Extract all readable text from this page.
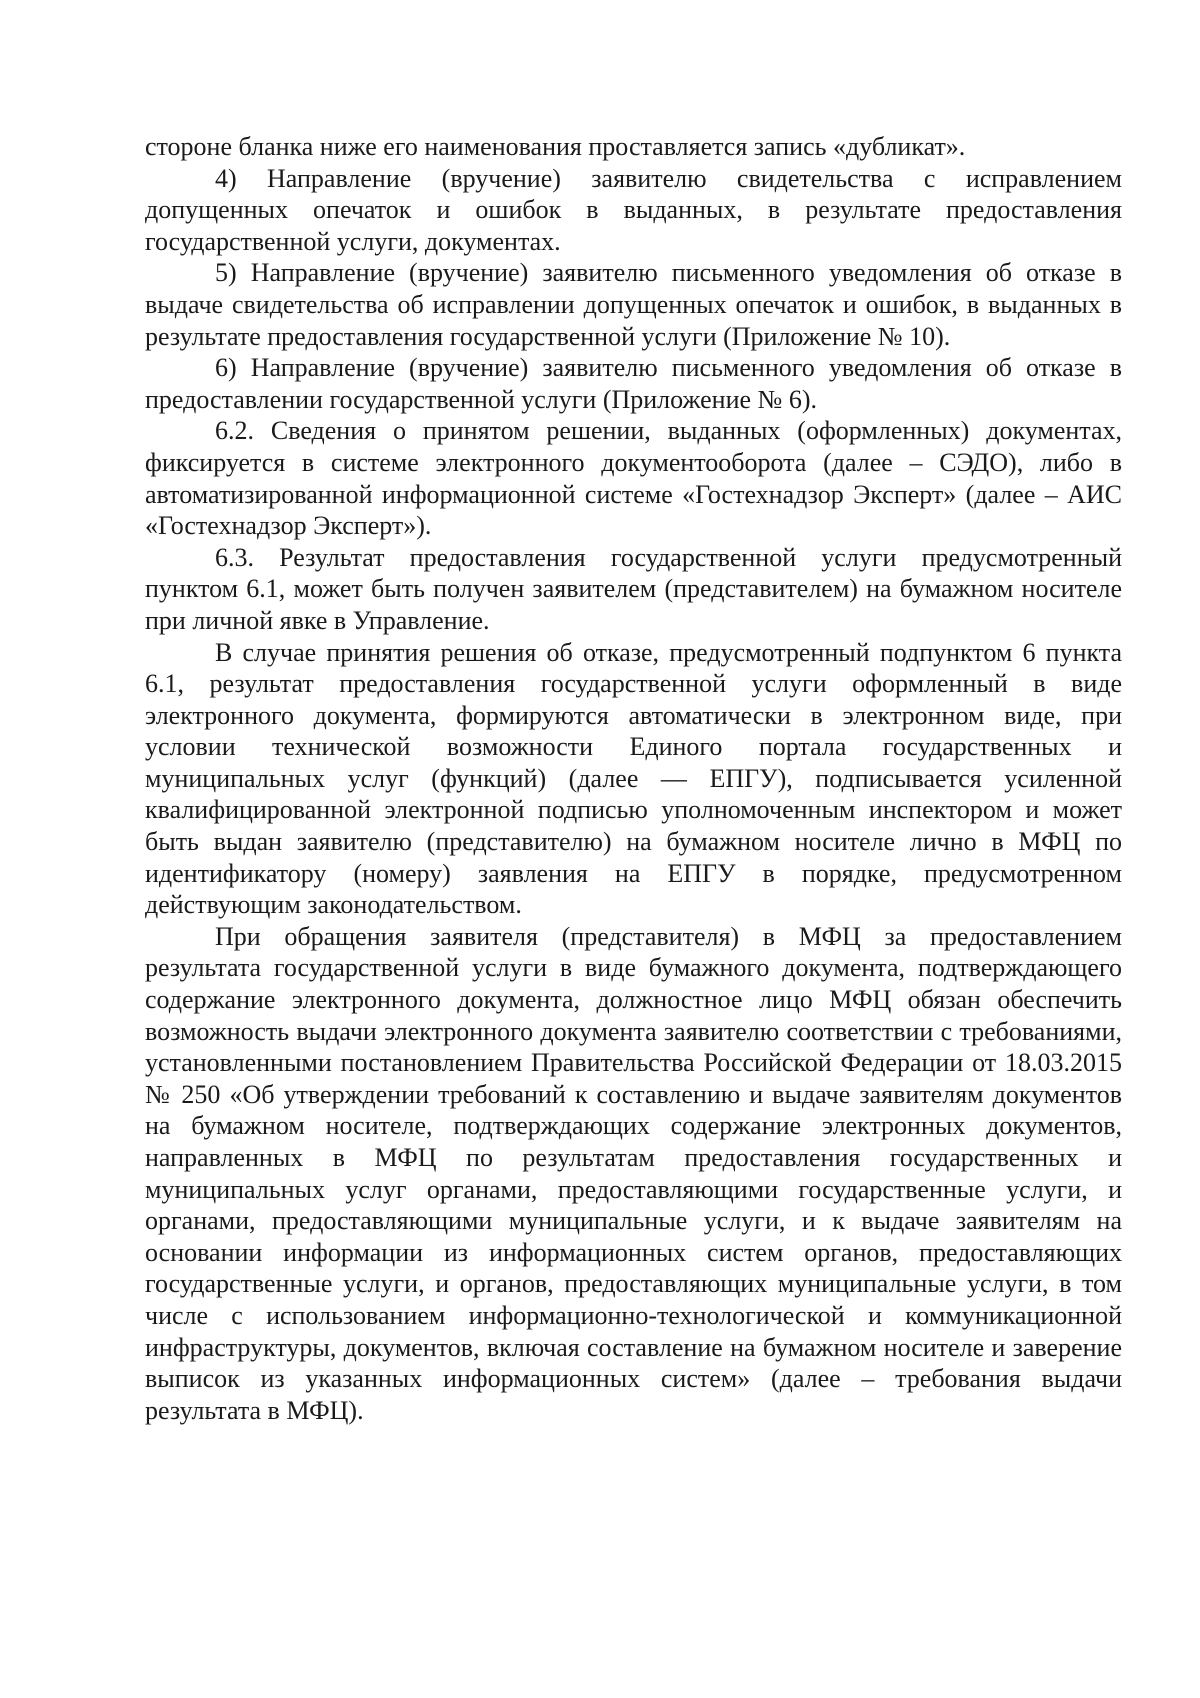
стороне бланка ниже его наименования проставляется запись «дубликат».

4) Направление (вручение) заявителю свидетельства с исправлением допущенных опечаток и ошибок в выданных, в результате предоставления государственной услуги, документах.

5) Направление (вручение) заявителю письменного уведомления об отказе в выдаче свидетельства об исправлении допущенных опечаток и ошибок, в выданных в результате предоставления государственной услуги (Приложение № 10).

6) Направление (вручение) заявителю письменного уведомления об отказе в предоставлении государственной услуги (Приложение № 6).

6.2. Сведения о принятом решении, выданных (оформленных) документах, фиксируется в системе электронного документооборота (далее – СЭДО), либо в автоматизированной информационной системе «Гостехнадзор Эксперт» (далее – АИС «Гостехнадзор Эксперт»).

6.3. Результат предоставления государственной услуги предусмотренный пунктом 6.1, может быть получен заявителем (представителем) на бумажном носителе при личной явке в Управление.

В случае принятия решения об отказе, предусмотренный подпунктом 6 пункта 6.1, результат предоставления государственной услуги оформленный в виде электронного документа, формируются автоматически в электронном виде, при условии технической возможности Единого портала государственных и муниципальных услуг (функций) (далее — ЕПГУ), подписывается усиленной квалифицированной электронной подписью уполномоченным инспектором и может быть выдан заявителю (представителю) на бумажном носителе лично в МФЦ по идентификатору (номеру) заявления на ЕПГУ в порядке, предусмотренном действующим законодательством.

При обращения заявителя (представителя) в МФЦ за предоставлением результата государственной услуги в виде бумажного документа, подтверждающего содержание электронного документа, должностное лицо МФЦ обязан обеспечить возможность выдачи электронного документа заявителю соответствии с требованиями, установленными постановлением Правительства Российской Федерации от 18.03.2015 № 250 «Об утверждении требований к составлению и выдаче заявителям документов на бумажном носителе, подтверждающих содержание электронных документов, направленных в МФЦ по результатам предоставления государственных и муниципальных услуг органами, предоставляющими государственные услуги, и органами, предоставляющими муниципальные услуги, и к выдаче заявителям на основании информации из информационных систем органов, предоставляющих государственные услуги, и органов, предоставляющих муниципальные услуги, в том числе с использованием информационно-технологической и коммуникационной инфраструктуры, документов, включая составление на бумажном носителе и заверение выписок из указанных информационных систем» (далее – требования выдачи результата в МФЦ).
